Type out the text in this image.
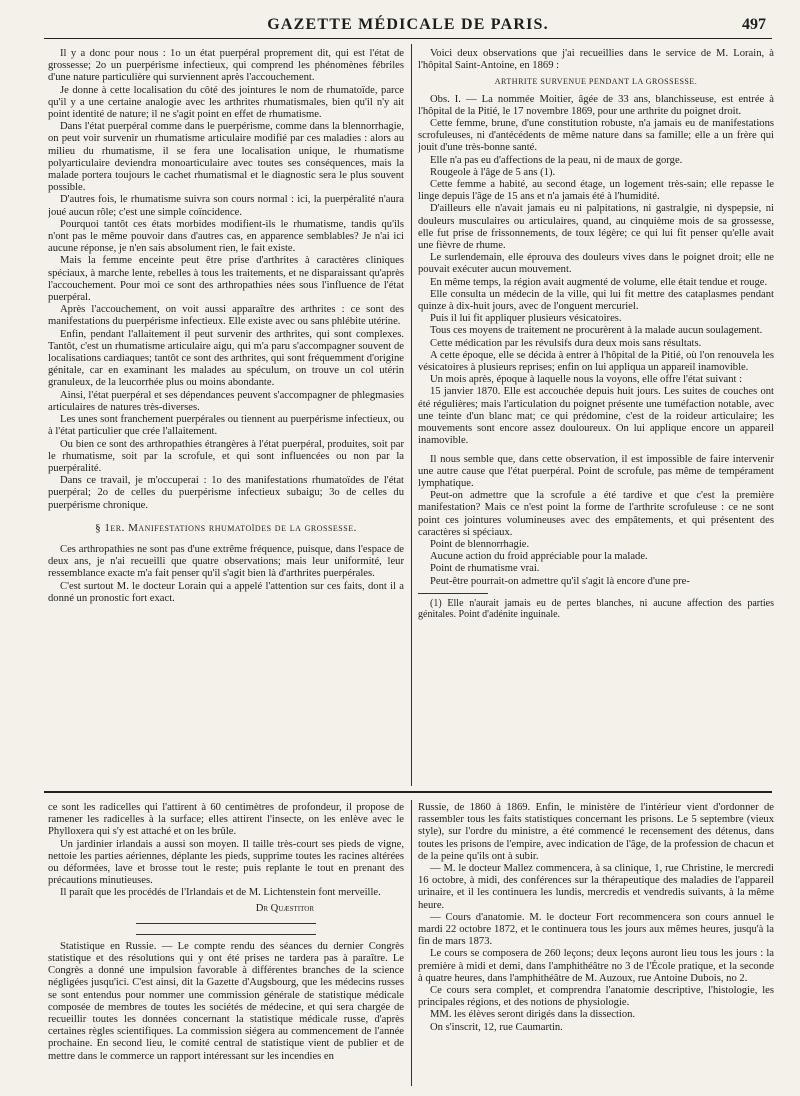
GAZETTE MÉDICALE DE PARIS.	497

Il y a donc pour nous : 1o un état puerpéral proprement dit, qui est l'état de grossesse; 2o un puerpérisme infectieux, qui comprend les phénomènes fébriles d'une nature particulière qui surviennent après l'accouchement.

Je donne à cette localisation du côté des jointures le nom de rhumatoïde, parce qu'il y a une certaine analogie avec les arthrites rhumatismales, bien qu'il n'y ait point identité de nature; il ne s'agit point en effet de rhumatisme.

Dans l'état puerpéral comme dans le puerpérisme, comme dans la blennorrhagie, on peut voir survenir un rhumatisme articulaire modifié par ces maladies : alors au milieu du rhumatisme, il se fera une localisation unique, le rhumatisme polyarticulaire deviendra monoarticulaire avec toutes ses conséquences, mais la malade portera toujours le cachet rhumatismal et le diagnostic sera le plus souvent possible.

D'autres fois, le rhumatisme suivra son cours normal : ici, la puerpéralité n'aura joué aucun rôle; c'est une simple coïncidence.

Pourquoi tantôt ces états morbides modifient-ils le rhumatisme, tandis qu'ils n'ont pas le même pouvoir dans d'autres cas, en apparence semblables? Je n'ai ici aucune réponse, je n'en sais absolument rien, le fait existe.

Mais la femme enceinte peut être prise d'arthrites à caractères cliniques spéciaux, à marche lente, rebelles à tous les traitements, et ne disparaissant qu'après l'accouchement. Pour moi ce sont des arthropathies nées sous l'influence de l'état puerpéral.

Après l'accouchement, on voit aussi apparaître des arthrites : ce sont des manifestations du puerpérisme infectieux. Elle existe avec ou sans phlébite utérine.

Enfin, pendant l'allaitement il peut survenir des arthrites, qui sont complexes. Tantôt, c'est un rhumatisme articulaire aigu, qui m'a paru s'accompagner souvent de localisations cardiaques; tantôt ce sont des arthrites, qui sont fréquemment d'origine génitale, car en examinant les malades au spéculum, on trouve un col utérin granuleux, de la leucorrhée plus ou moins abondante.

Ainsi, l'état puerpéral et ses dépendances peuvent s'accompagner de phlegmasies articulaires de natures très-diverses.

Les unes sont franchement puerpérales ou tiennent au puerpérisme infectieux, ou à l'état particulier que crée l'allaitement.

Ou bien ce sont des arthropathies étrangères à l'état puerpéral, produites, soit par le rhumatisme, soit par la scrofule, et qui sont influencées ou non par la puerpéralité.

Dans ce travail, je m'occuperai : 1o des manifestations rhumatoïdes de l'état puerpéral; 2o de celles du puerpérisme infectieux subaigu; 3o de celles du puerpérisme chronique.

§ 1er. Manifestations rhumatoïdes de la grossesse.

Ces arthropathies ne sont pas d'une extrême fréquence, puisque, dans l'espace de deux ans, je n'ai recueilli que quatre observations; mais leur uniformité, leur ressemblance exacte m'a fait penser qu'il s'agit bien là d'arthrites puerpérales.

C'est surtout M. le docteur Lorain qui a appelé l'attention sur ces faits, dont il a donné un pronostic fort exact.

Voici deux observations que j'ai recueillies dans le service de M. Lorain, à l'hôpital Saint-Antoine, en 1869 :

ARTHRITE SURVENUE PENDANT LA GROSSESSE.

Obs. I. — La nommée Moitier, âgée de 33 ans, blanchisseuse, est entrée à l'hôpital de la Pitié, le 17 novembre 1869, pour une arthrite du poignet droit.

Cette femme, brune, d'une constitution robuste, n'a jamais eu de manifestations scrofuleuses, ni d'antécédents de même nature dans sa famille; elle a un frère qui jouit d'une très-bonne santé.

Elle n'a pas eu d'affections de la peau, ni de maux de gorge.

Rougeole à l'âge de 5 ans (1).

Cette femme a habité, au second étage, un logement très-sain; elle repasse le linge depuis l'âge de 15 ans et n'a jamais été à l'humidité.

D'ailleurs elle n'avait jamais eu ni palpitations, ni gastralgie, ni dyspepsie, ni douleurs musculaires ou articulaires, quand, au cinquième mois de sa grossesse, elle fut prise de frissonnements, de toux légère; ce qui lui fit penser qu'elle avait une fièvre de rhume.

Le surlendemain, elle éprouva des douleurs vives dans le poignet droit; elle ne pouvait exécuter aucun mouvement.

En même temps, la région avait augmenté de volume, elle était tendue et rouge.

Elle consulta un médecin de la ville, qui lui fit mettre des cataplasmes pendant quinze à dix-huit jours, avec de l'onguent mercuriel.

Puis il lui fit appliquer plusieurs vésicatoires.

Tous ces moyens de traitement ne procurèrent à la malade aucun soulagement.

Cette médication par les révulsifs dura deux mois sans résultats.

A cette époque, elle se décida à entrer à l'hôpital de la Pitié, où l'on renouvela les vésicatoires à plusieurs reprises; enfin on lui appliqua un appareil inamovible.

Un mois après, époque à laquelle nous la voyons, elle offre l'état suivant :

15 janvier 1870. Elle est accouchée depuis huit jours. Les suites de couches ont été régulières; mais l'articulation du poignet présente une tuméfaction notable, avec une teinte d'un blanc mat; ce qui prédomine, c'est de la roideur articulaire; les mouvements sont encore assez douloureux. On lui applique encore un appareil inamovible.

Il nous semble que, dans cette observation, il est impossible de faire intervenir une autre cause que l'état puerpéral. Point de scrofule, pas même de tempérament lymphatique.

Peut-on admettre que la scrofule a été tardive et que c'est la première manifestation? Mais ce n'est point la forme de l'arthrite scrofuleuse : ce ne sont point ces jointures volumineuses avec des empâtements, et qui présentent des caractères si spéciaux.

Point de blennorrhagie.

Aucune action du froid appréciable pour la malade.

Point de rhumatisme vrai.

Peut-être pourrait-on admettre qu'il s'agit là encore d'une pre-

(1) Elle n'aurait jamais eu de pertes blanches, ni aucune affection des parties génitales. Point d'adénite inguinale.

ce sont les radicelles qui l'attirent à 60 centimètres de profondeur, il propose de ramener les radicelles à la surface; elles attirent l'insecte, on les enlève avec le Phylloxera qui s'y est attaché et on les brûle.

Un jardinier irlandais a aussi son moyen. Il taille très-court ses pieds de vigne, nettoie les parties aériennes, déplante les pieds, supprime toutes les racines altérées ou déformées, lave et brosse tout le reste; puis replante le tout en prenant des précautions minutieuses.

Il paraît que les procédés de l'Irlandais et de M. Lichtenstein font merveille.

Dr Quæstitor

Statistique en Russie. — Le compte rendu des séances du dernier Congrès statistique et des résolutions qui y ont été prises ne tardera pas à paraître. Le Congrès a donné une impulsion favorable à différentes branches de la science négligées jusqu'ici. C'est ainsi, dit la Gazette d'Augsbourg, que les médecins russes se sont entendus pour nommer une commission générale de statistique médicale composée de membres de toutes les sociétés de médecine, et qui sera chargée de recueillir toutes les données concernant la statistique médicale russe, d'après certaines règles scientifiques. La commission siégera au commencement de l'année prochaine. En second lieu, le comité central de statistique vient de publier et de mettre dans le commerce un rapport intéressant sur les incendies en

Russie, de 1860 à 1869. Enfin, le ministère de l'intérieur vient d'ordonner de rassembler tous les faits statistiques concernant les prisons. Le 5 septembre (vieux style), sur l'ordre du ministre, a été commencé le recensement des détenus, dans toutes les prisons de l'empire, avec indication de l'âge, de la profession de chacun et de la peine qu'ils ont à subir.

— M. le docteur Mallez commencera, à sa clinique, 1, rue Christine, le mercredi 16 octobre, à midi, des conférences sur la thérapeutique des maladies de l'appareil urinaire, et il les continuera les lundis, mercredis et vendredis suivants, à la même heure.

— Cours d'anatomie. M. le docteur Fort recommencera son cours annuel le mardi 22 octobre 1872, et le continuera tous les jours aux mêmes heures, jusqu'à la fin de mars 1873.

Le cours se composera de 260 leçons; deux leçons auront lieu tous les jours : la première à midi et demi, dans l'amphithéâtre no 3 de l'École pratique, et la seconde à quatre heures, dans l'amphithéâtre de M. Auzoux, rue Antoine Dubois, no 2.

Ce cours sera complet, et comprendra l'anatomie descriptive, l'histologie, les principales régions, et des notions de physiologie.

MM. les élèves seront dirigés dans la dissection.

On s'inscrit, 12, rue Caumartin.
